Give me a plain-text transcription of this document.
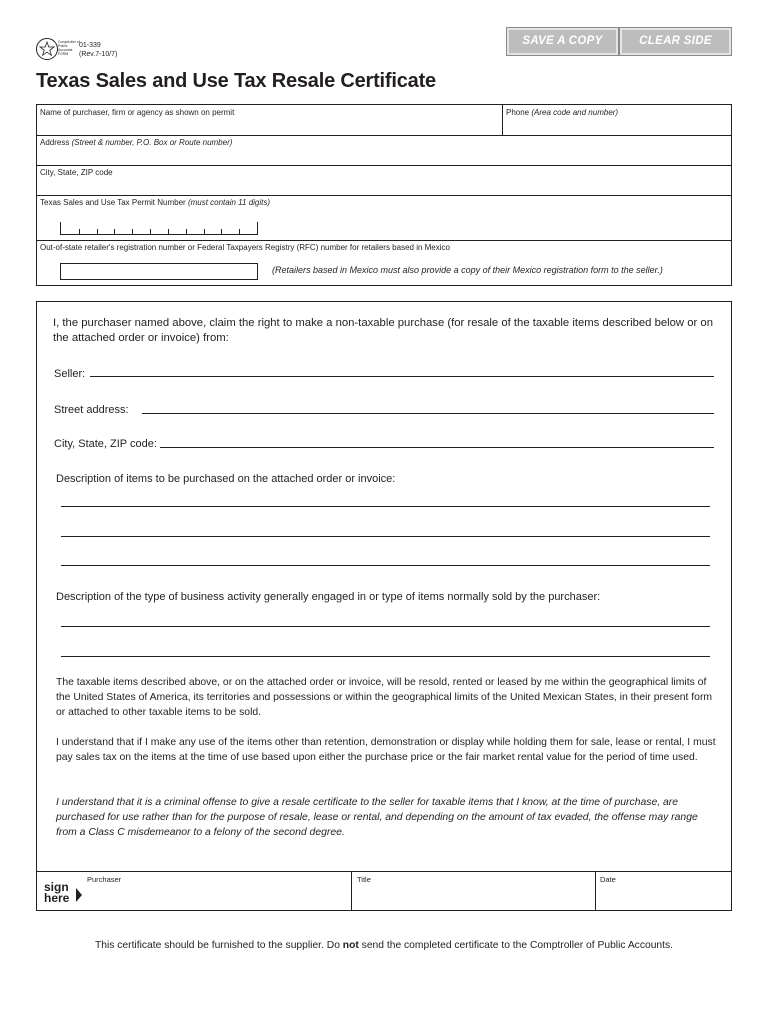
Comptroller of Public Accounts FORM
01-339
(Rev.7-10/7)
SAVE A COPY	CLEAR SIDE
Texas Sales and Use Tax Resale Certificate
Name of purchaser, firm or agency as shown on permit	Phone (Area code and number)
Address (Street & number, P.O. Box or Route number)
City, State, ZIP code
Texas Sales and Use Tax Permit Number (must contain 11 digits)
Out-of-state retailer's registration number or Federal Taxpayers Registry (RFC) number for retailers based in Mexico
(Retailers based in Mexico must also provide a copy of their Mexico registration form to the seller.)
I, the purchaser named above, claim the right to make a non-taxable purchase (for resale of the taxable items described below or on the attached order or invoice) from:
Seller:
Street address:
City, State, ZIP code:
Description of items to be purchased on the attached order or invoice:
Description of the type of business activity generally engaged in or type of items normally sold by the purchaser:
The taxable items described above, or on the attached order or invoice, will be resold, rented or leased by me within the geographical limits of the United States of America, its territories and possessions or within the geographical limits of the United Mexican States, in their present form or attached to other taxable items to be sold.
I understand that if I make any use of the items other than retention, demonstration or display while holding them for sale, lease or rental, I must pay sales tax on the items at the time of use based upon either the purchase price or the fair market rental value for the period of time used.
I understand that it is a criminal offense to give a resale certificate to the seller for taxable items that I know, at the time of purchase, are purchased for use rather than for the purpose of resale, lease or rental, and depending on the amount of tax evaded, the offense may range from a Class C misdemeanor to a felony of the second degree.
sign
here
Purchaser	Title	Date
This certificate should be furnished to the supplier. Do not send the completed certificate to the Comptroller of Public Accounts.
